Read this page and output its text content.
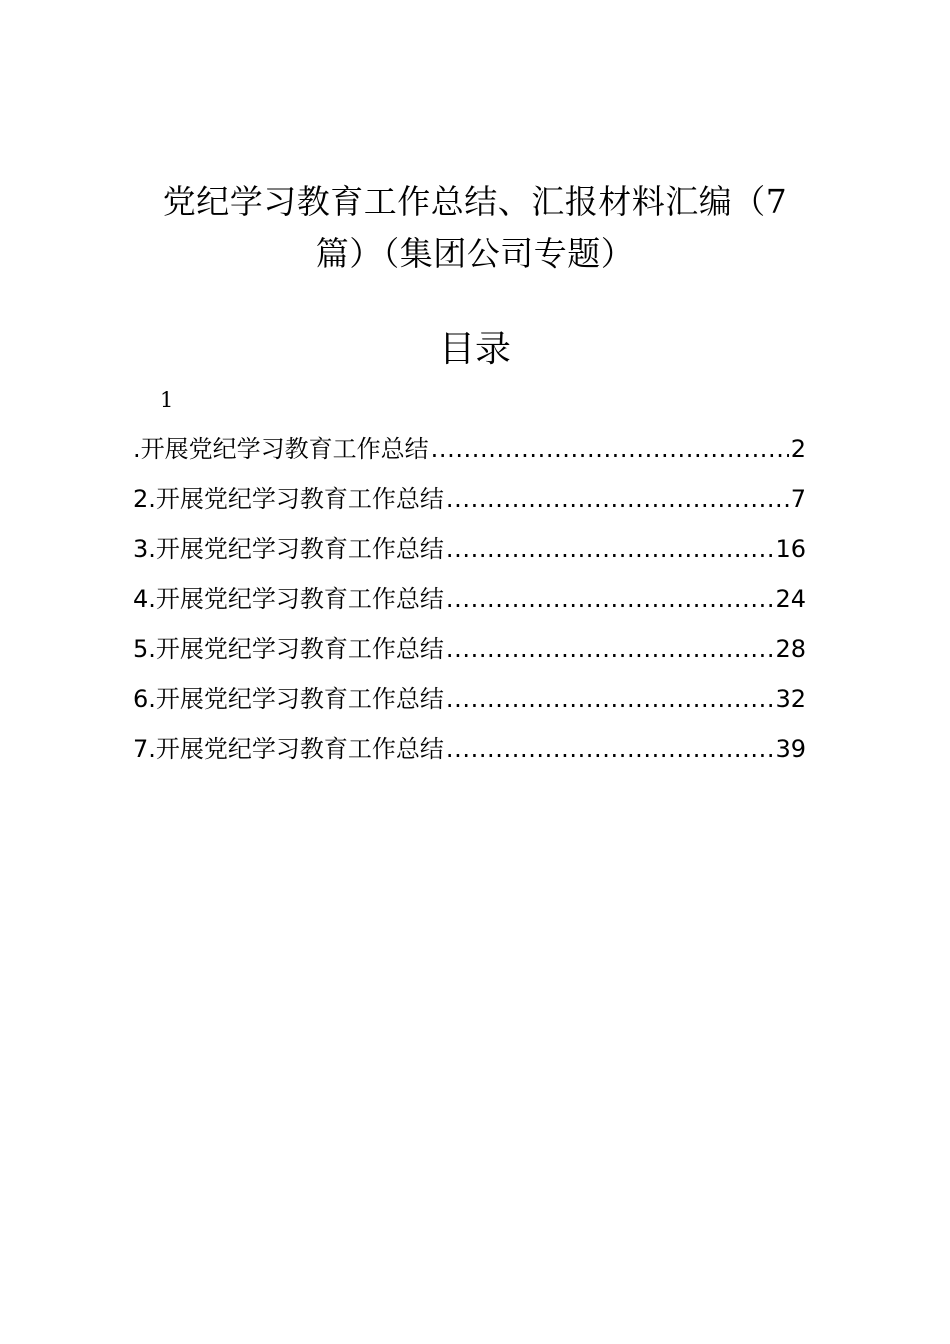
党纪学习教育工作总结、汇报材料汇编（7
篇）（集团公司专题）
目录
1
.开展党纪学习教育工作总结 .....	2
2.开展党纪学习教育工作总结 .....	7
3.开展党纪学习教育工作总结 .....	16
4.开展党纪学习教育工作总结 .....	24
5.开展党纪学习教育工作总结 .....	28
6.开展党纪学习教育工作总结 .....	32
7.开展党纪学习教育工作总结 .....	39
